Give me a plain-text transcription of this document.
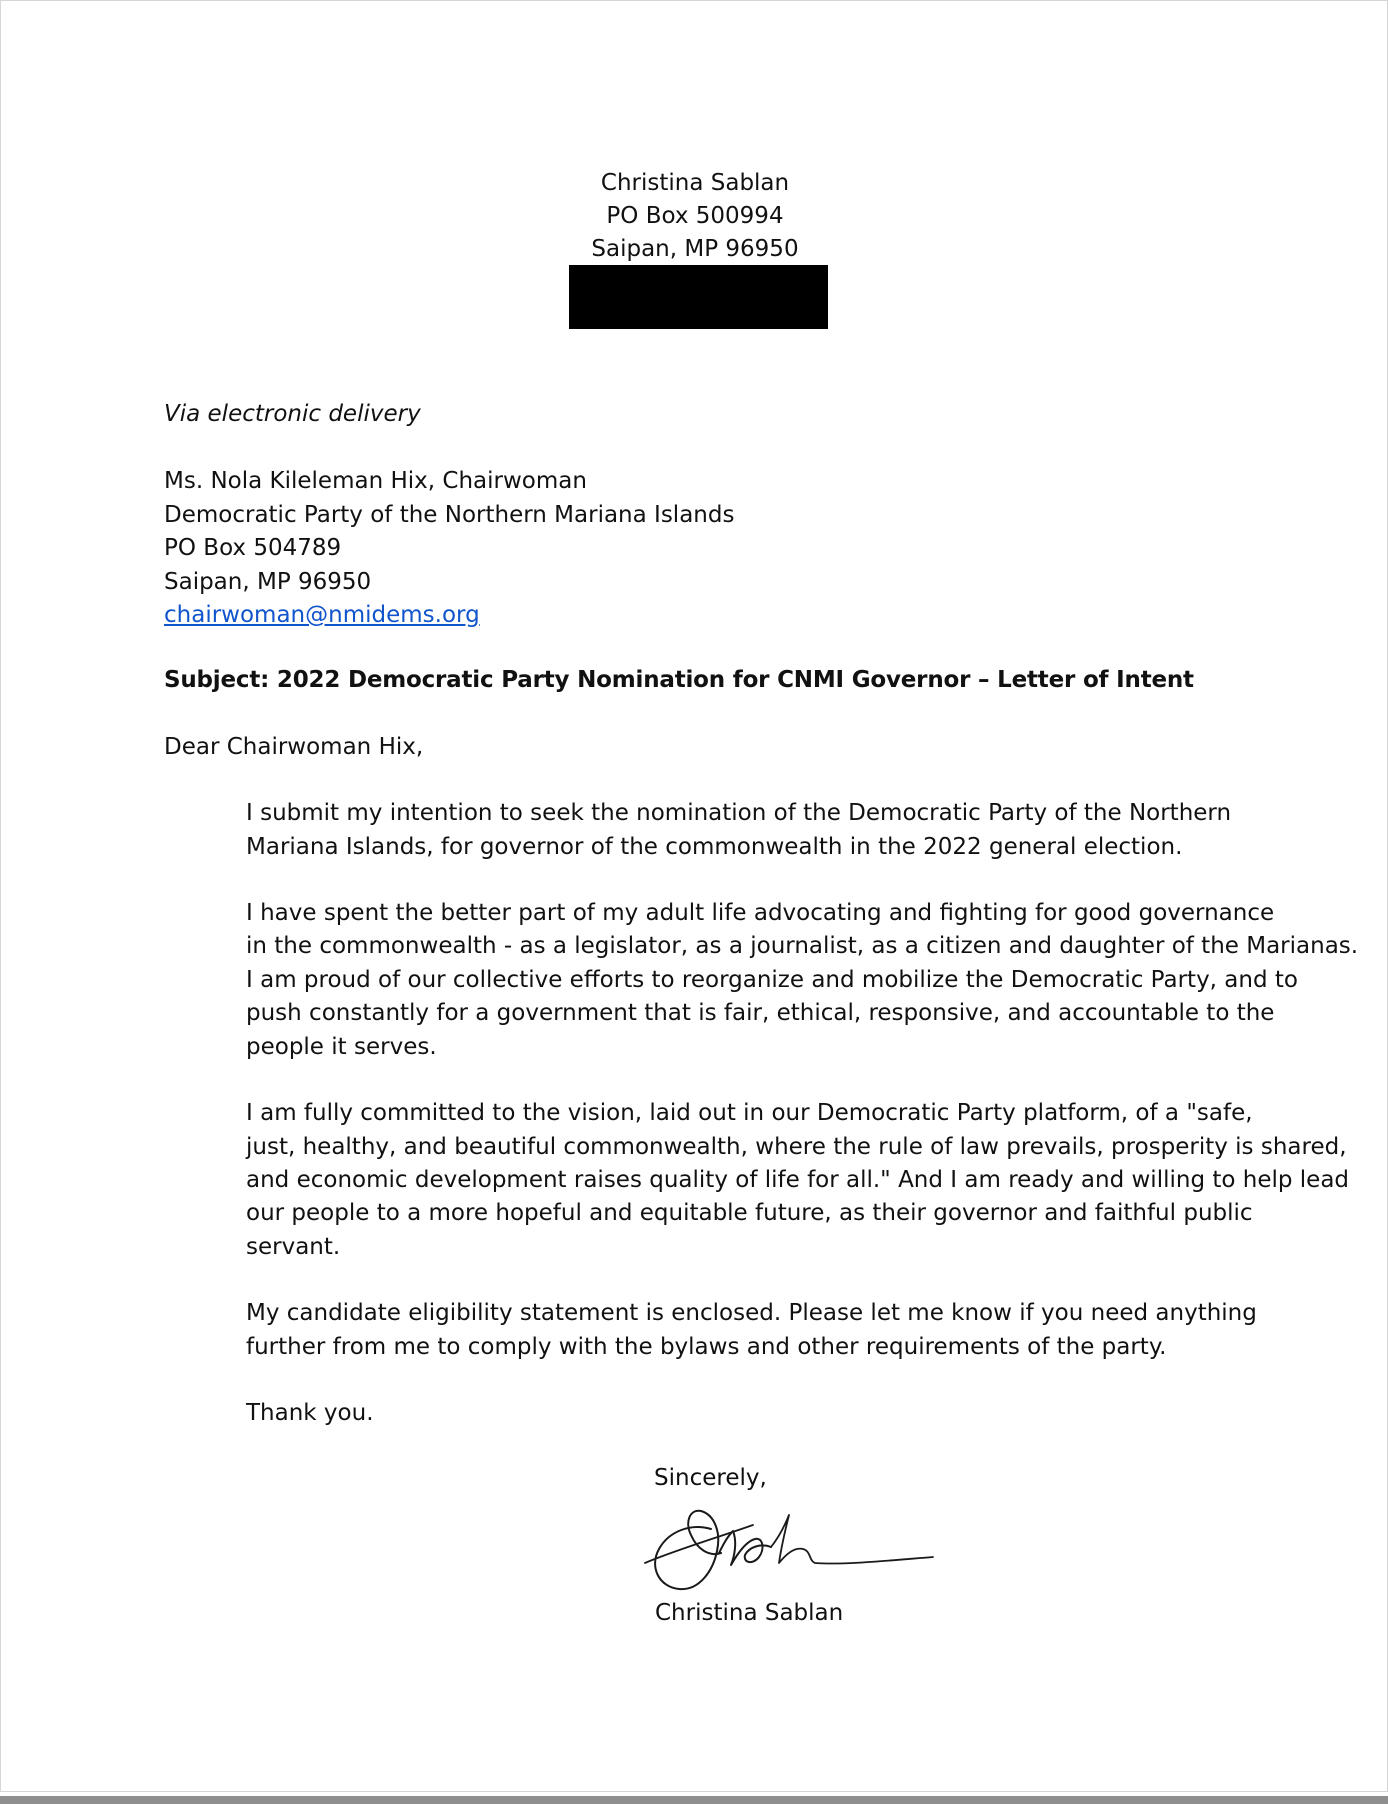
Christina Sablan
PO Box 500994
Saipan, MP 96950
Via electronic delivery
Ms. Nola Kileleman Hix, Chairwoman
Democratic Party of the Northern Mariana Islands
PO Box 504789
Saipan, MP 96950
chairwoman@nmidems.org
Subject: 2022 Democratic Party Nomination for CNMI Governor – Letter of Intent
Dear Chairwoman Hix,
I submit my intention to seek the nomination of the Democratic Party of the Northern
Mariana Islands, for governor of the commonwealth in the 2022 general election.
I have spent the better part of my adult life advocating and fighting for good governance
in the commonwealth - as a legislator, as a journalist, as a citizen and daughter of the Marianas.
I am proud of our collective efforts to reorganize and mobilize the Democratic Party, and to
push constantly for a government that is fair, ethical, responsive, and accountable to the
people it serves.
I am fully committed to the vision, laid out in our Democratic Party platform, of a "safe,
just, healthy, and beautiful commonwealth, where the rule of law prevails, prosperity is shared,
and economic development raises quality of life for all." And I am ready and willing to help lead
our people to a more hopeful and equitable future, as their governor and faithful public
servant.
My candidate eligibility statement is enclosed. Please let me know if you need anything
further from me to comply with the bylaws and other requirements of the party.
Thank you.
Sincerely,
Christina Sablan
